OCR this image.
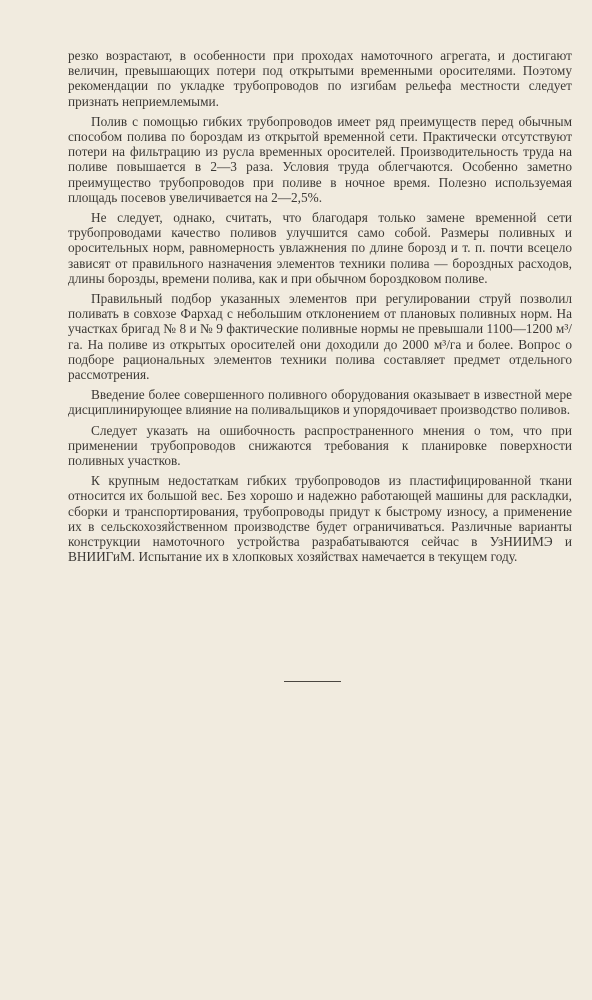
резко возрастают, в особенности при проходах намоточного агрегата, и достигают величин, превышающих потери под открытыми временными оросителями. Поэтому рекомендации по укладке трубопроводов по изгибам рельефа местности следует признать неприемлемыми.

Полив с помощью гибких трубопроводов имеет ряд преимуществ перед обычным способом полива по бороздам из открытой временной сети. Практически отсутствуют потери на фильтрацию из русла временных оросителей. Производительность труда на поливе повышается в 2—3 раза. Условия труда облегчаются. Особенно заметно преимущество трубопроводов при поливе в ночное время. Полезно используемая площадь посевов увеличивается на 2—2,5%.

Не следует, однако, считать, что благодаря только замене временной сети трубопроводами качество поливов улучшится само собой. Размеры поливных и оросительных норм, равномерность увлажнения по длине борозд и т. п. почти всецело зависят от правильного назначения элементов техники полива — бороздных расходов, длины борозды, времени полива, как и при обычном бороздковом поливе.

Правильный подбор указанных элементов при регулировании струй позволил поливать в совхозе Фархад с небольшим отклонением от плановых поливных норм. На участках бригад № 8 и № 9 фактические поливные нормы не превышали 1100—1200 м³/га. На поливе из открытых оросителей они доходили до 2000 м³/га и более. Вопрос о подборе рациональных элементов техники полива составляет предмет отдельного рассмотрения.

Введение более совершенного поливного оборудования оказывает в известной мере дисциплинирующее влияние на поливальщиков и упорядочивает производство поливов.

Следует указать на ошибочность распространенного мнения о том, что при применении трубопроводов снижаются требования к планировке поверхности поливных участков.

К крупным недостаткам гибких трубопроводов из пластифицированной ткани относится их большой вес. Без хорошо и надежно работающей машины для раскладки, сборки и транспортирования, трубопроводы придут к быстрому износу, а применение их в сельскохозяйственном производстве будет ограничиваться. Различные варианты конструкции намоточного устройства разрабатываются сейчас в УзНИИМЭ и ВНИИГиМ. Испытание их в хлопковых хозяйствах намечается в текущем году.
